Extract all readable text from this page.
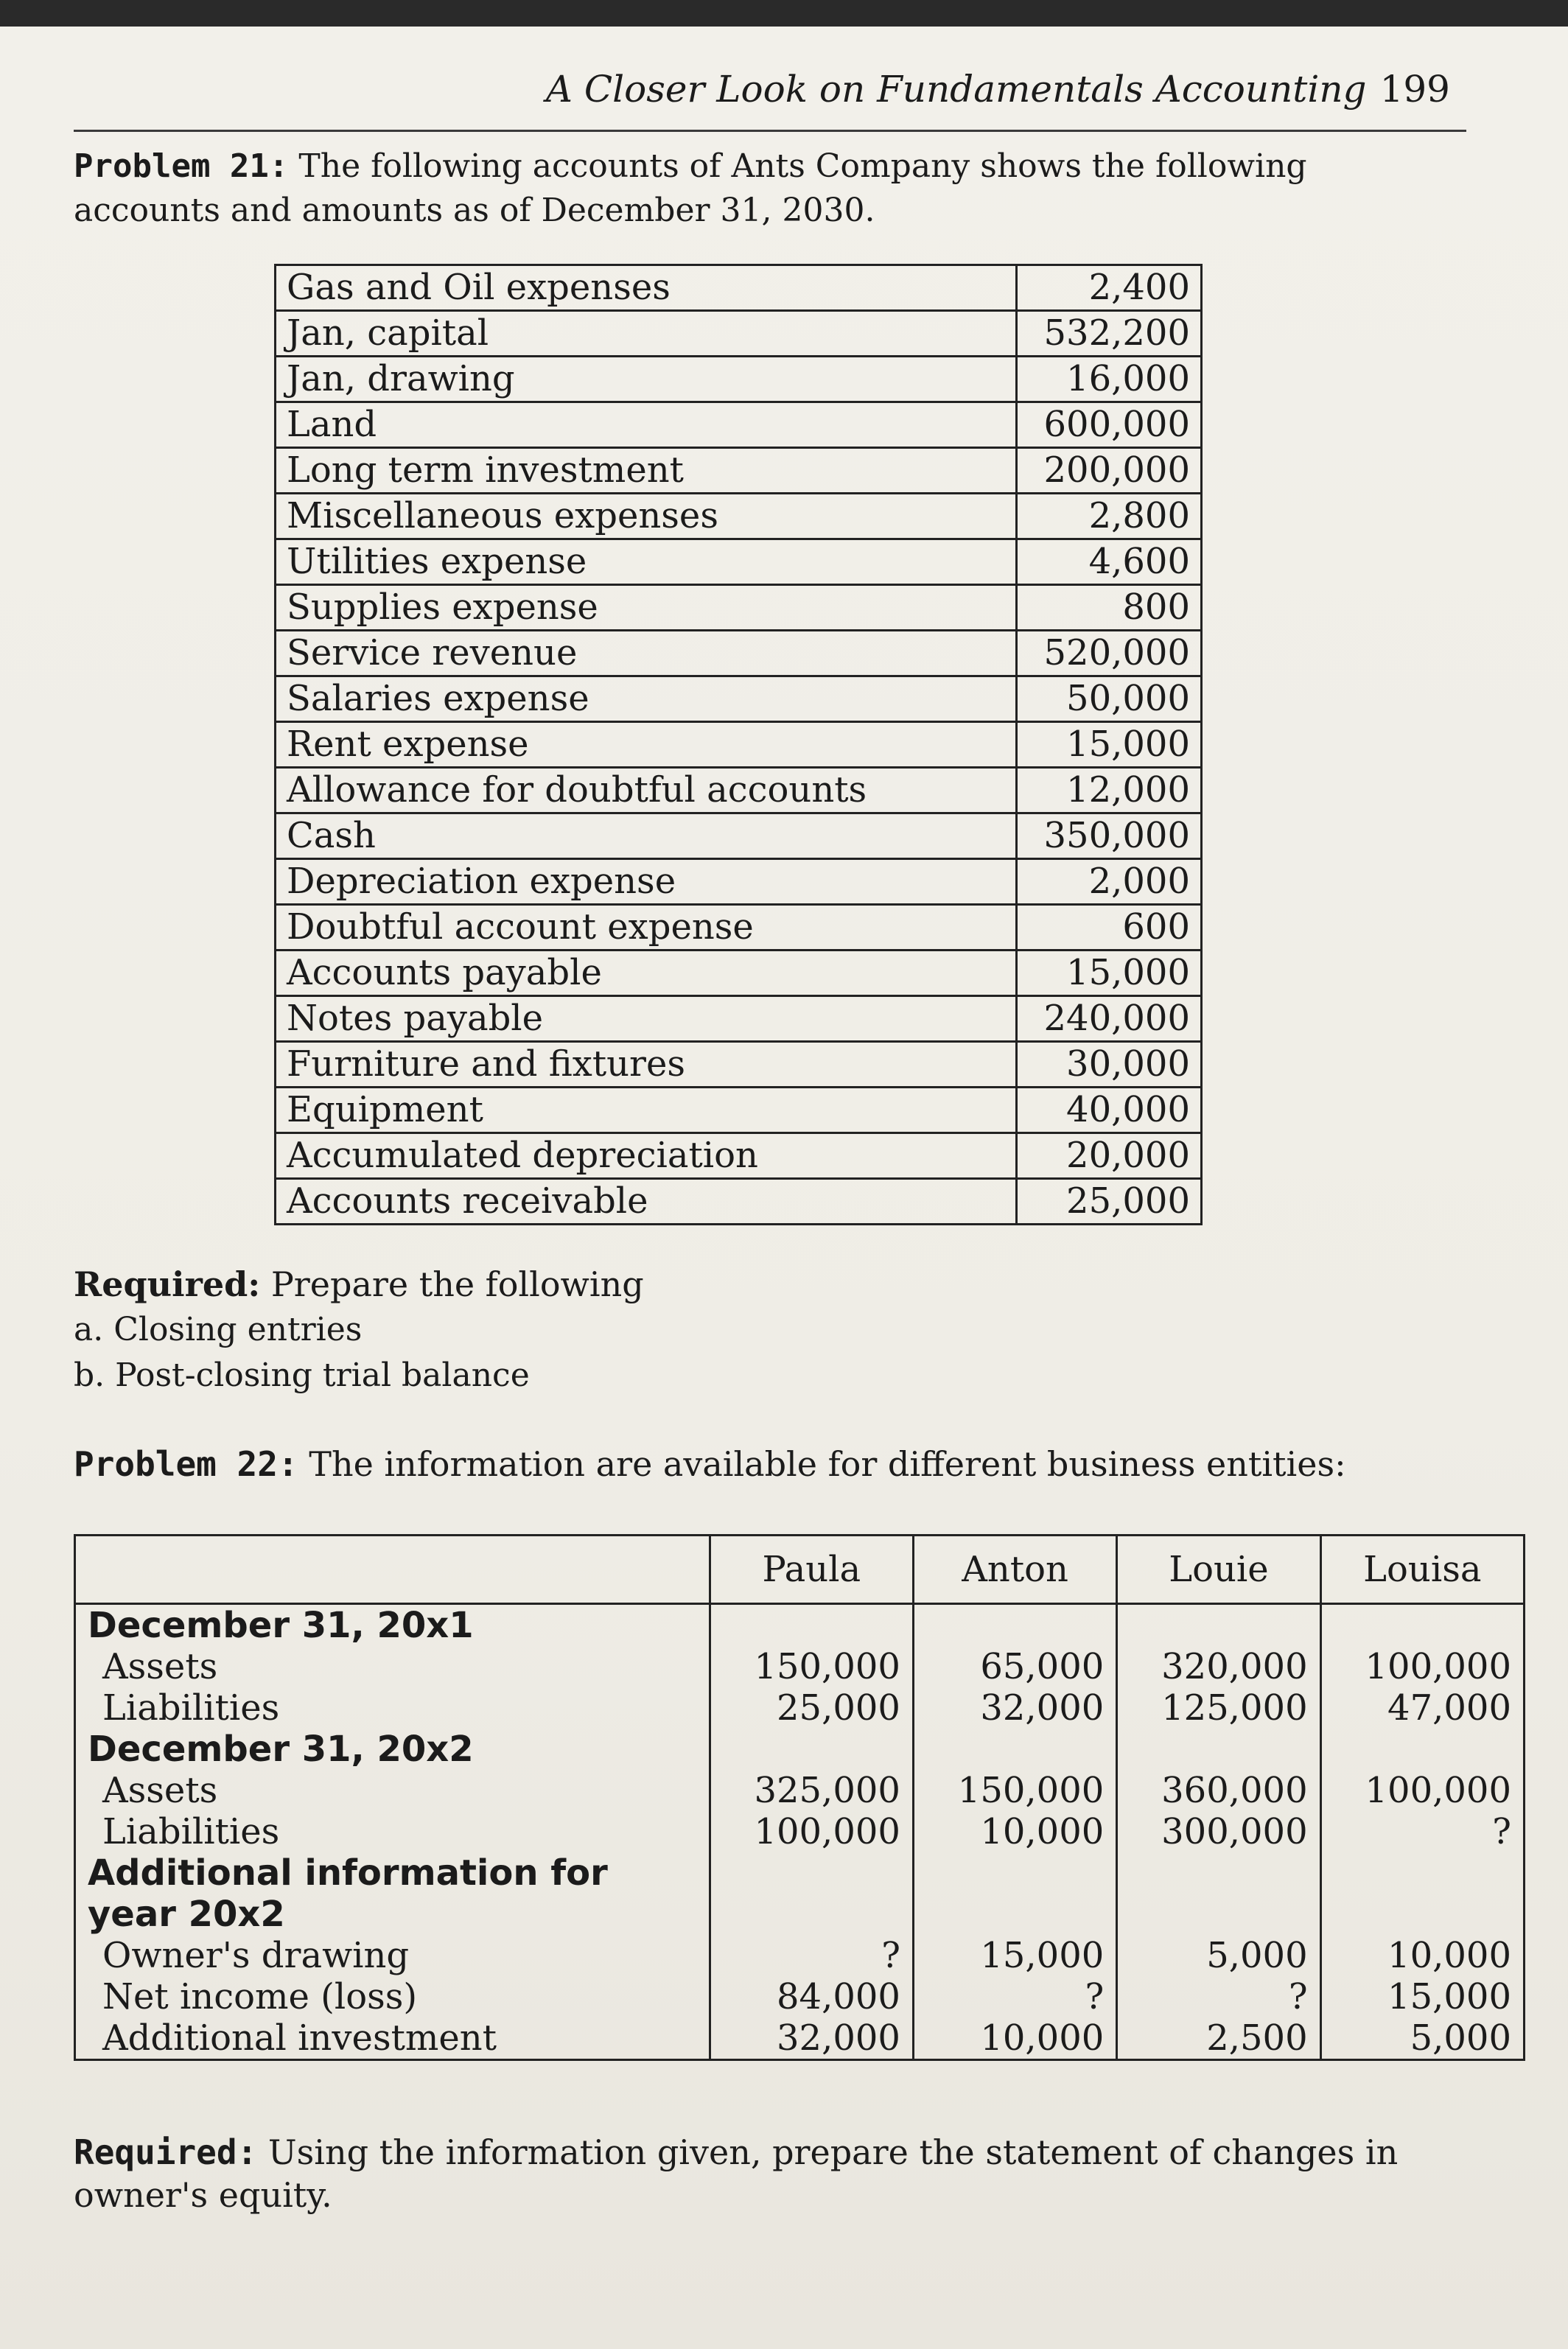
A Closer Look on Fundamentals Accounting 199
Problem 21: The following accounts of Ants Company shows the following accounts and amounts as of December 31, 2030.
Gas and Oil expenses	2,400
Jan, capital	532,200
Jan, drawing	16,000
Land	600,000
Long term investment	200,000
Miscellaneous expenses	2,800
Utilities expense	4,600
Supplies expense	800
Service revenue	520,000
Salaries expense	50,000
Rent expense	15,000
Allowance for doubtful accounts	12,000
Cash	350,000
Depreciation expense	2,000
Doubtful account expense	600
Accounts payable	15,000
Notes payable	240,000
Furniture and fixtures	30,000
Equipment	40,000
Accumulated depreciation	20,000
Accounts receivable	25,000
Required: Prepare the following
a. Closing entries
b. Post-closing trial balance
Problem 22: The information are available for different business entities:
	Paula	Anton	Louie	Louisa
December 31, 20x1				
Assets	150,000	65,000	320,000	100,000
Liabilities	25,000	32,000	125,000	47,000
December 31, 20x2				
Assets	325,000	150,000	360,000	100,000
Liabilities	100,000	10,000	300,000	?
Additional information for year 20x2				
Owner's drawing	?	15,000	5,000	10,000
Net income (loss)	84,000	?	?	15,000
Additional investment	32,000	10,000	2,500	5,000
Required: Using the information given, prepare the statement of changes in owner's equity.
